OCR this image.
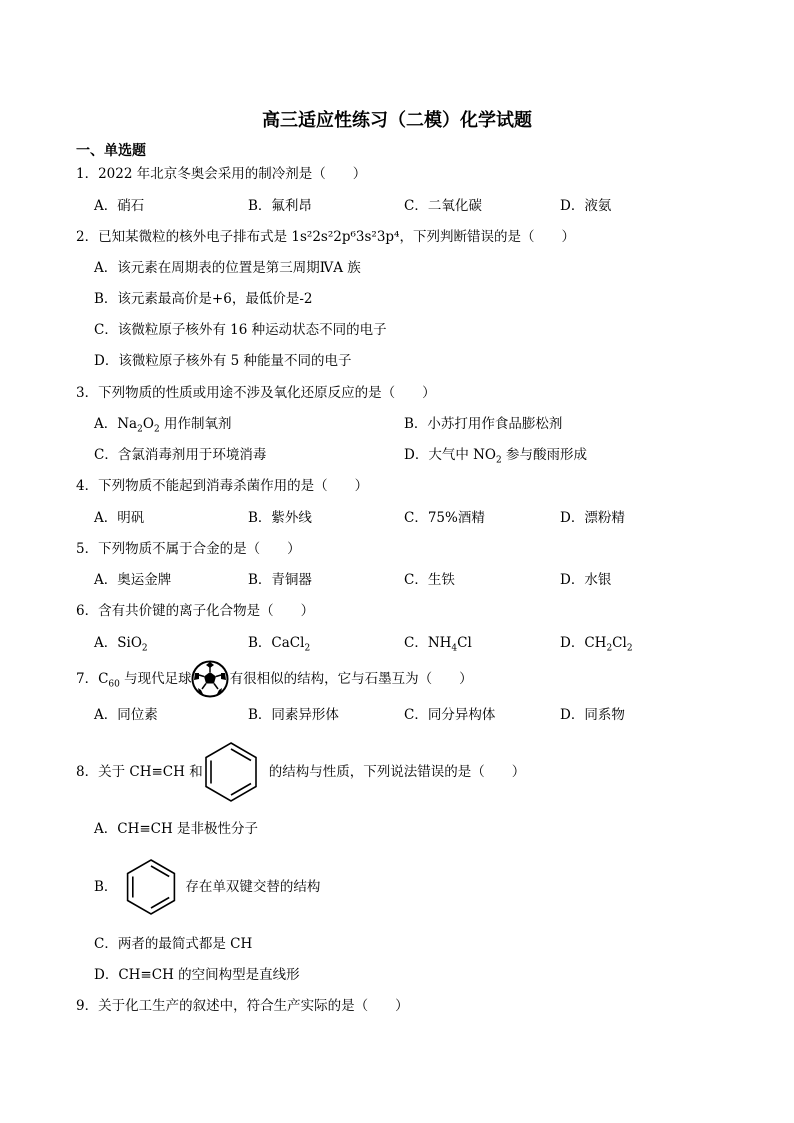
高三适应性练习（二模）化学试题
一、单选题
1．2022 年北京冬奥会采用的制冷剂是（　　）
A．硝石	B．氟利昂	C．二氧化碳	D．液氨
2．已知某微粒的核外电子排布式是 1s²2s²2p⁶3s²3p⁴，下列判断错误的是（　　）
A．该元素在周期表的位置是第三周期ⅣA 族
B．该元素最高价是+6，最低价是-2
C．该微粒原子核外有 16 种运动状态不同的电子
D．该微粒原子核外有 5 种能量不同的电子
3．下列物质的性质或用途不涉及氧化还原反应的是（　　）
A．$Na_2O_2$ 用作制氧剂	B．小苏打用作食品膨松剂
C．含氯消毒剂用于环境消毒	D．大气中 $NO_2$ 参与酸雨形成
4．下列物质不能起到消毒杀菌作用的是（　　）
A．明矾	B．紫外线	C．75%酒精	D．漂粉精
5．下列物质不属于合金的是（　　）
A．奥运金牌	B．青铜器	C．生铁	D．水银
6．含有共价键的离子化合物是（　　）
A．SiO$_2$	B．CaCl$_2$	C．$NH_4Cl$	D．$CH_2Cl_2$
7．$C_{60}$ 与现代足球	有很相似的结构，它与石墨互为（　　）
A．同位素	B．同素异形体	C．同分异构体	D．同系物
8．关于 CH≡CH 和	的结构与性质，下列说法错误的是（　　）
A．CH≡CH 是非极性分子
B．	存在单双键交替的结构
C．两者的最简式都是 CH
D．CH≡CH 的空间构型是直线形
9．关于化工生产的叙述中，符合生产实际的是（　　）
